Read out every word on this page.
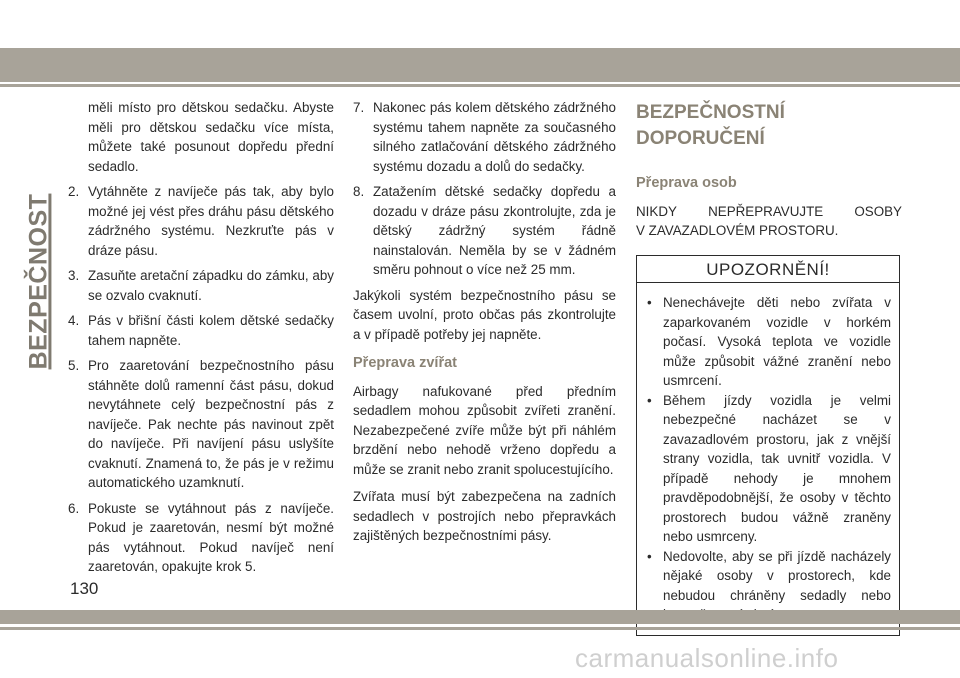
BEZPEČNOST

měli místo pro dětskou sedačku. Abyste měli pro dětskou sedačku více místa, můžete také posunout dopředu přední sedadlo.

2. Vytáhněte z navíječe pás tak, aby bylo možné jej vést přes dráhu pásu dětského zádržného systému. Nezkruťte pás v dráze pásu.
3. Zasuňte aretační západku do zámku, aby se ozvalo cvaknutí.
4. Pás v břišní části kolem dětské sedačky tahem napněte.
5. Pro zaaretování bezpečnostního pásu stáhněte dolů ramenní část pásu, dokud nevytáhnete celý bezpečnostní pás z navíječe. Pak nechte pás navinout zpět do navíječe. Při navíjení pásu uslyšíte cvaknutí. Znamená to, že pás je v režimu automatického uzamknutí.
6. Pokuste se vytáhnout pás z navíječe. Pokud je zaaretován, nesmí být možné pás vytáhnout. Pokud navíječ není zaaretován, opakujte krok 5.
7. Nakonec pás kolem dětského zádržného systému tahem napněte za současného silného zatlačování dětského zádržného systému dozadu a dolů do sedačky.
8. Zatažením dětské sedačky dopředu a dozadu v dráze pásu zkontrolujte, zda je dětský zádržný systém řádně nainstalován. Neměla by se v žádném směru pohnout o více než 25 mm.

Jakýkoli systém bezpečnostního pásu se časem uvolní, proto občas pás zkontrolujte a v případě potřeby jej napněte.

Přeprava zvířat

Airbagy nafukované před předním sedadlem mohou způsobit zvířeti zranění. Nezabezpečené zvíře může být při náhlém brzdění nebo nehodě vrženo dopředu a může se zranit nebo zranit spolucestujícího.

Zvířata musí být zabezpečena na zadních sedadlech v postrojích nebo přepravkách zajištěných bezpečnostními pásy.

BEZPEČNOSTNÍ
DOPORUČENÍ
Přeprava osob
NIKDY NEPŘEPRAVUJTE OSOBY
V ZAVAZADLOVÉM PROSTORU.
UPOZORNĚNÍ!
• Nenechávejte děti nebo zvířata v zaparkovaném vozidle v horkém počasí. Vysoká teplota ve vozidle může způsobit vážné zranění nebo usmrcení.
• Během jízdy vozidla je velmi nebezpečné nacházet se v zavazadlovém prostoru, jak z vnější strany vozidla, tak uvnitř vozidla. V případě nehody je mnohem pravděpodobnější, že osoby v těchto prostorech budou vážně zraněny nebo usmrceny.
• Nedovolte, aby se při jízdě nacházely nějaké osoby v prostorech, kde nebudou chráněny sedadly nebo
130
carmanualsonline.info
